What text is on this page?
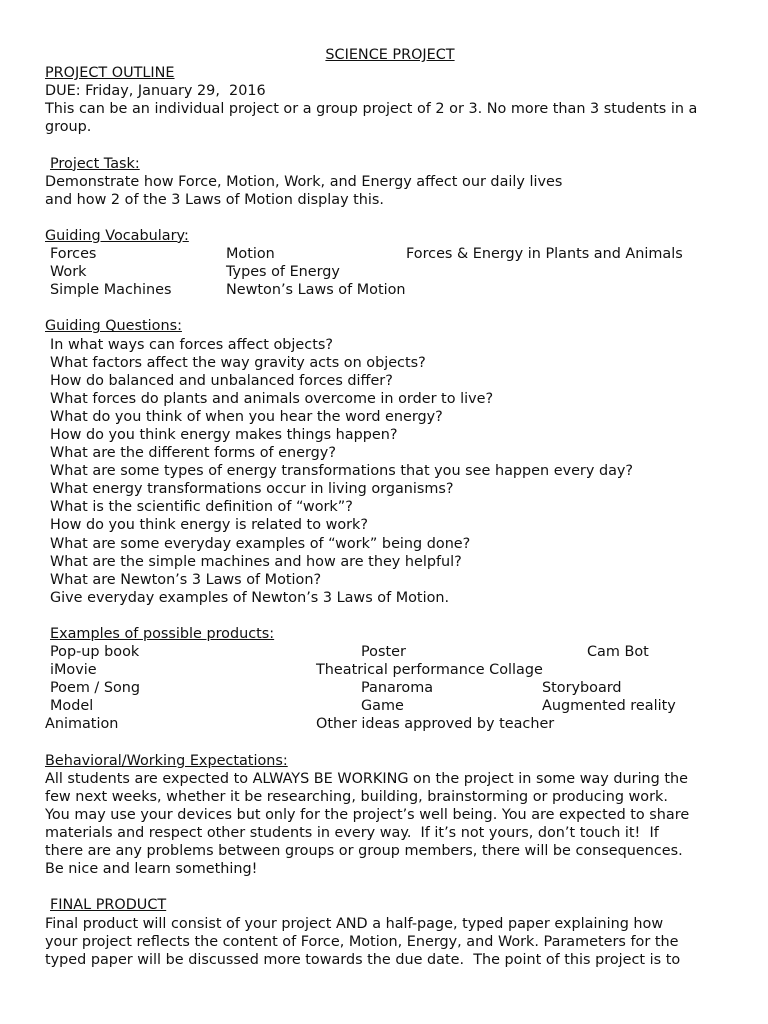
SCIENCE PROJECT
PROJECT OUTLINE
DUE: Friday, January 29,  2016
This can be an individual project or a group project of 2 or 3. No more than 3 students in a group.
Project Task:
Demonstrate how Force, Motion, Work, and Energy affect our daily lives
and how 2 of the 3 Laws of Motion display this.
Guiding Vocabulary:
Forces	Motion	Forces & Energy in Plants and Animals
Work	Types of Energy
Simple Machines	Newton’s Laws of Motion
Guiding Questions:
In what ways can forces affect objects?
What factors affect the way gravity acts on objects?
How do balanced and unbalanced forces differ?
What forces do plants and animals overcome in order to live?
What do you think of when you hear the word energy?
How do you think energy makes things happen?
What are the different forms of energy?
What are some types of energy transformations that you see happen every day?
What energy transformations occur in living organisms?
What is the scientific definition of “work”?
How do you think energy is related to work?
What are some everyday examples of “work” being done?
What are the simple machines and how are they helpful?
What are Newton’s 3 Laws of Motion?
Give everyday examples of Newton’s 3 Laws of Motion.
Examples of possible products:
Pop-up book	Poster	Cam Bot
iMovie	Theatrical performance Collage
Poem / Song	Panaroma	Storyboard
Model	Game	Augmented reality
Animation	Other ideas approved by teacher
Behavioral/Working Expectations:
All students are expected to ALWAYS BE WORKING on the project in some way during the
few next weeks, whether it be researching, building, brainstorming or producing work.
You may use your devices but only for the project’s well being. You are expected to share
materials and respect other students in every way.  If it’s not yours, don’t touch it!  If
there are any problems between groups or group members, there will be consequences.
Be nice and learn something!
FINAL PRODUCT
Final product will consist of your project AND a half-page, typed paper explaining how
your project reflects the content of Force, Motion, Energy, and Work. Parameters for the
typed paper will be discussed more towards the due date.  The point of this project is to
